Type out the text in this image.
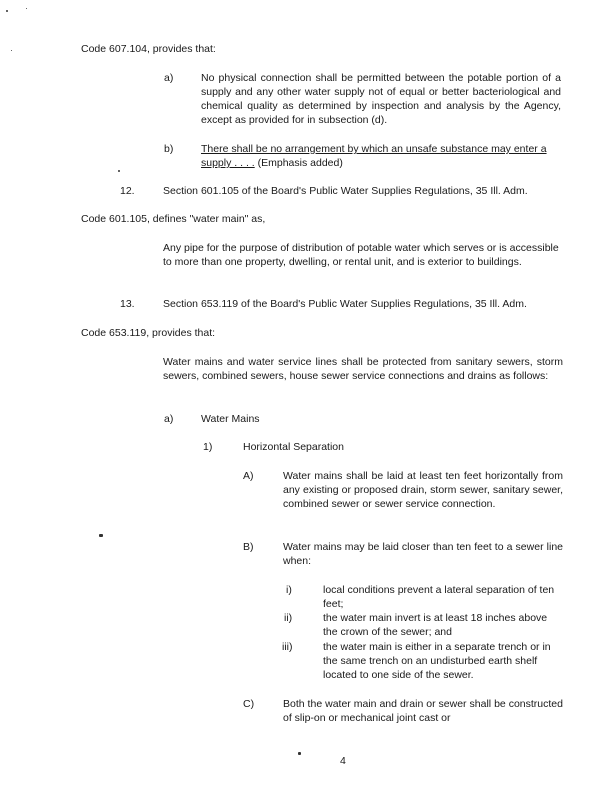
Code 607.104, provides that:

a)	No physical connection shall be permitted between the potable portion of a supply and any other water supply not of equal or better bacteriological and chemical quality as determined by inspection and analysis by the Agency, except as provided for in subsection (d).

b)	There shall be no arrangement by which an unsafe substance may enter a supply . . . . (Emphasis added)

12.	Section 601.105 of the Board's Public Water Supplies Regulations, 35 Ill. Adm.

Code 601.105, defines "water main" as,

Any pipe for the purpose of distribution of potable water which serves or is accessible to more than one property, dwelling, or rental unit, and is exterior to buildings.

13.	Section 653.119 of the Board's Public Water Supplies Regulations, 35 Ill. Adm.

Code 653.119, provides that:

Water mains and water service lines shall be protected from sanitary sewers, storm sewers, combined sewers, house sewer service connections and drains as follows:

a)	Water Mains

1)	Horizontal Separation

A)	Water mains shall be laid at least ten feet horizontally from any existing or proposed drain, storm sewer, sanitary sewer, combined sewer or sewer service connection.

B)	Water mains may be laid closer than ten feet to a sewer line when:

i)	local conditions prevent a lateral separation of ten feet;

ii)	the water main invert is at least 18 inches above the crown of the sewer; and

iii)	the water main is either in a separate trench or in the same trench on an undisturbed earth shelf located to one side of the sewer.

C)	Both the water main and drain or sewer shall be constructed of slip-on or mechanical joint cast or

4
